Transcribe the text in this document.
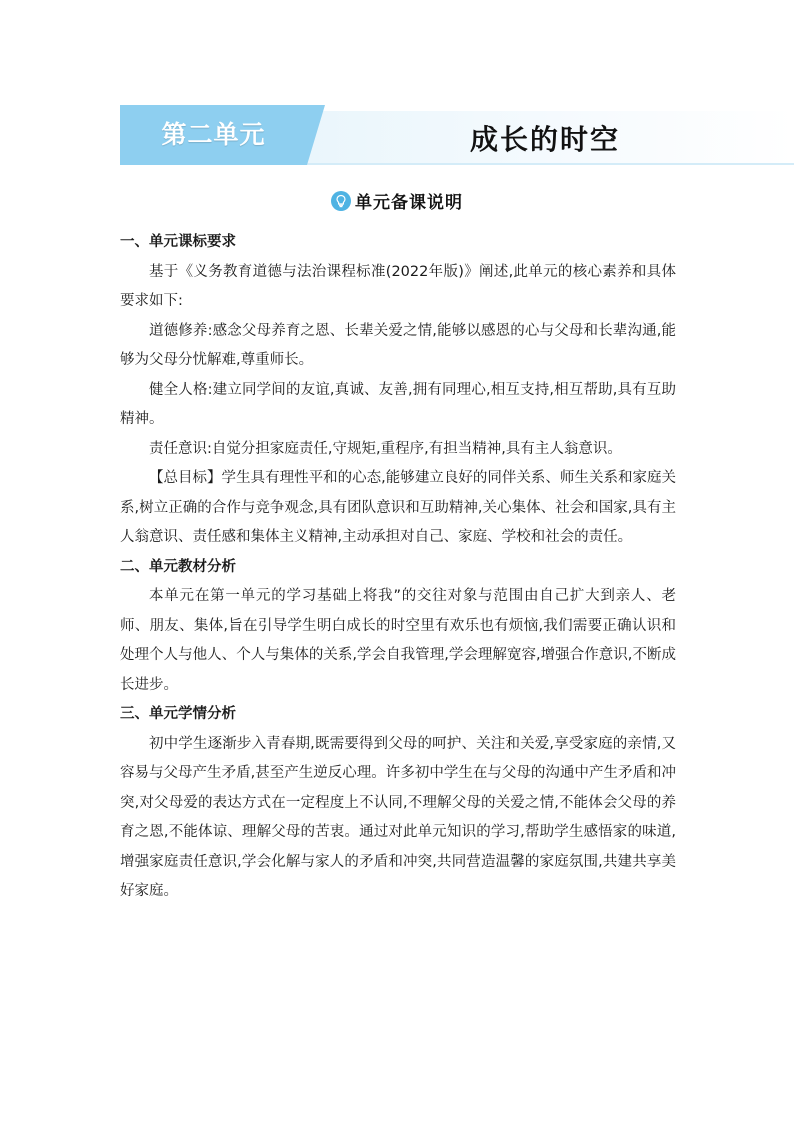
第二单元	成长的时空
单元备课说明

一、单元课标要求

基于《义务教育道德与法治课程标准(2022年版)》阐述,此单元的核心素养和具体要求如下:

道德修养:感念父母养育之恩、长辈关爱之情,能够以感恩的心与父母和长辈沟通,能够为父母分忧解难,尊重师长。

健全人格:建立同学间的友谊,真诚、友善,拥有同理心,相互支持,相互帮助,具有互助精神。

责任意识:自觉分担家庭责任,守规矩,重程序,有担当精神,具有主人翁意识。

【总目标】学生具有理性平和的心态,能够建立良好的同伴关系、师生关系和家庭关系,树立正确的合作与竞争观念,具有团队意识和互助精神,关心集体、社会和国家,具有主人翁意识、责任感和集体主义精神,主动承担对自己、家庭、学校和社会的责任。

二、单元教材分析

本单元在第一单元的学习基础上将我”的交往对象与范围由自己扩大到亲人、老师、朋友、集体,旨在引导学生明白成长的时空里有欢乐也有烦恼,我们需要正确认识和处理个人与他人、个人与集体的关系,学会自我管理,学会理解宽容,增强合作意识,不断成长进步。

三、单元学情分析

初中学生逐渐步入青春期,既需要得到父母的呵护、关注和关爱,享受家庭的亲情,又容易与父母产生矛盾,甚至产生逆反心理。许多初中学生在与父母的沟通中产生矛盾和冲突,对父母爱的表达方式在一定程度上不认同,不理解父母的关爱之情,不能体会父母的养育之恩,不能体谅、理解父母的苦衷。通过对此单元知识的学习,帮助学生感悟家的味道,增强家庭责任意识,学会化解与家人的矛盾和冲突,共同营造温馨的家庭氛围,共建共享美好家庭。
